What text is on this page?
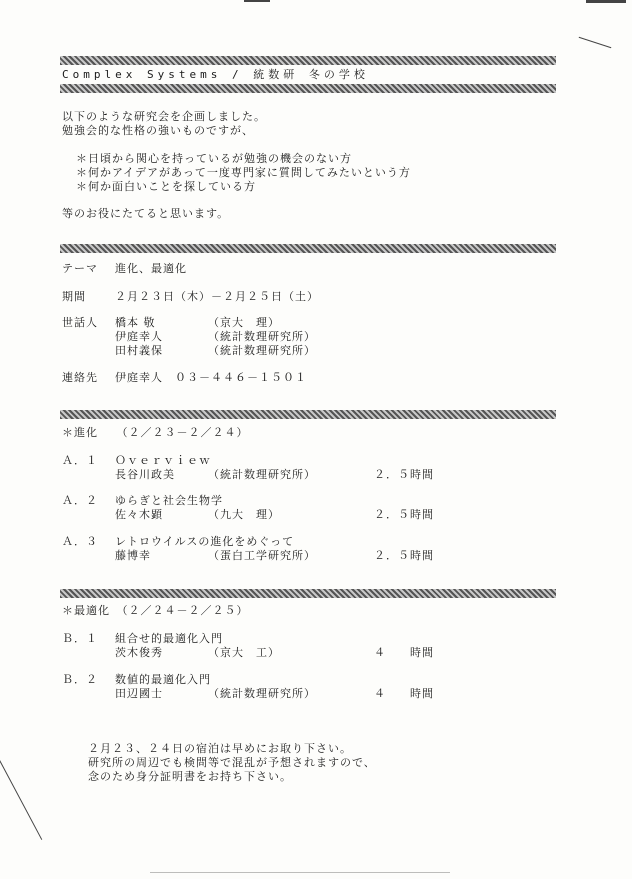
Complex Systems / 統数研 冬の学校
以下のような研究会を企画しました。
勉強会的な性格の強いものですが、
＊日頃から関心を持っているが勉強の機会のない方
＊何かアイデアがあって一度専門家に質問してみたいという方
＊何か面白いことを探している方
等のお役にたてると思います。
テーマ 進化、最適化
期間	２月２３日（木）－２月２５日（土）
世話人 橋本 敬	（京大　理）
伊庭幸人	（統計数理研究所）
田村義保	（統計数理研究所）
連絡先 伊庭幸人　０３－４４６－１５０１
＊進化　　（２／２３－２／２４）
Ａ．１ Ｏｖｅｒｖｉｅｗ
長谷川政美	（統計数理研究所）	２．５時間
Ａ．２ ゆらぎと社会生物学
佐々木顕	（九大　理）	２．５時間
Ａ．３ レトロウイルスの進化をめぐって
藤博幸	（蛋白工学研究所）	２．５時間
＊最適化　（２／２４－２／２５）
Ｂ．１ 組合せ的最適化入門
茨木俊秀	（京大　工）	４　　時間
Ｂ．２ 数値的最適化入門
田辺國士	（統計数理研究所）	４　　時間
２月２３、２４日の宿泊は早めにお取り下さい。
研究所の周辺でも検問等で混乱が予想されますので、
念のため身分証明書をお持ち下さい。
